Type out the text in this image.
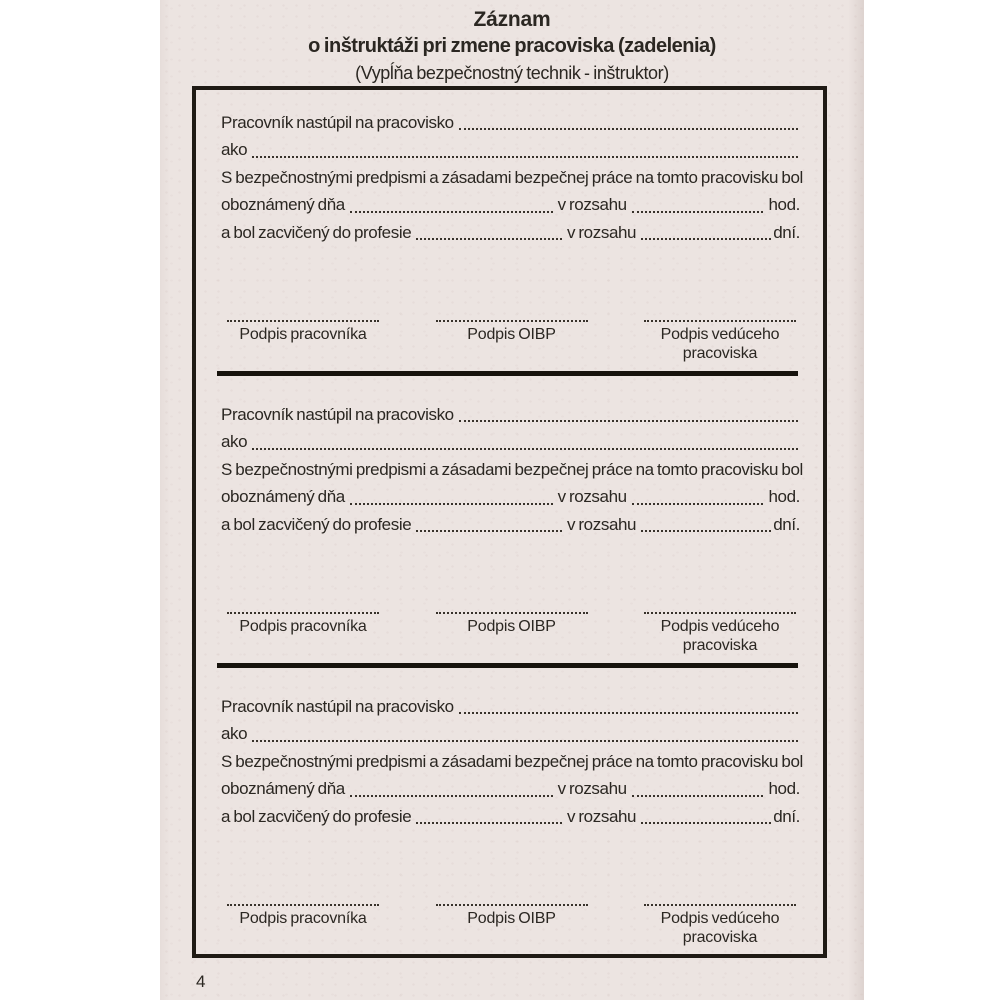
Záznam
o inštruktáži pri zmene pracoviska (zadelenia)
(Vypĺňa bezpečnostný technik - inštruktor)
Pracovník nastúpil na pracovisko
ako
S bezpečnostnými predpismi a zásadami bezpečnej práce na tomto pracovisku bol
oboznámený dňa	v rozsahu	hod.
a bol zacvičený do profesie	v rozsahu	dní.
Podpis pracovníka	Podpis OIBP	Podpis vedúceho pracoviska
Pracovník nastúpil na pracovisko
ako
S bezpečnostnými predpismi a zásadami bezpečnej práce na tomto pracovisku bol
oboznámený dňa	v rozsahu	hod.
a bol zacvičený do profesie	v rozsahu	dní.
Podpis pracovníka	Podpis OIBP	Podpis vedúceho pracoviska
Pracovník nastúpil na pracovisko
ako
S bezpečnostnými predpismi a zásadami bezpečnej práce na tomto pracovisku bol
oboznámený dňa	v rozsahu	hod.
a bol zacvičený do profesie	v rozsahu	dní.
Podpis pracovníka	Podpis OIBP	Podpis vedúceho pracoviska
4
